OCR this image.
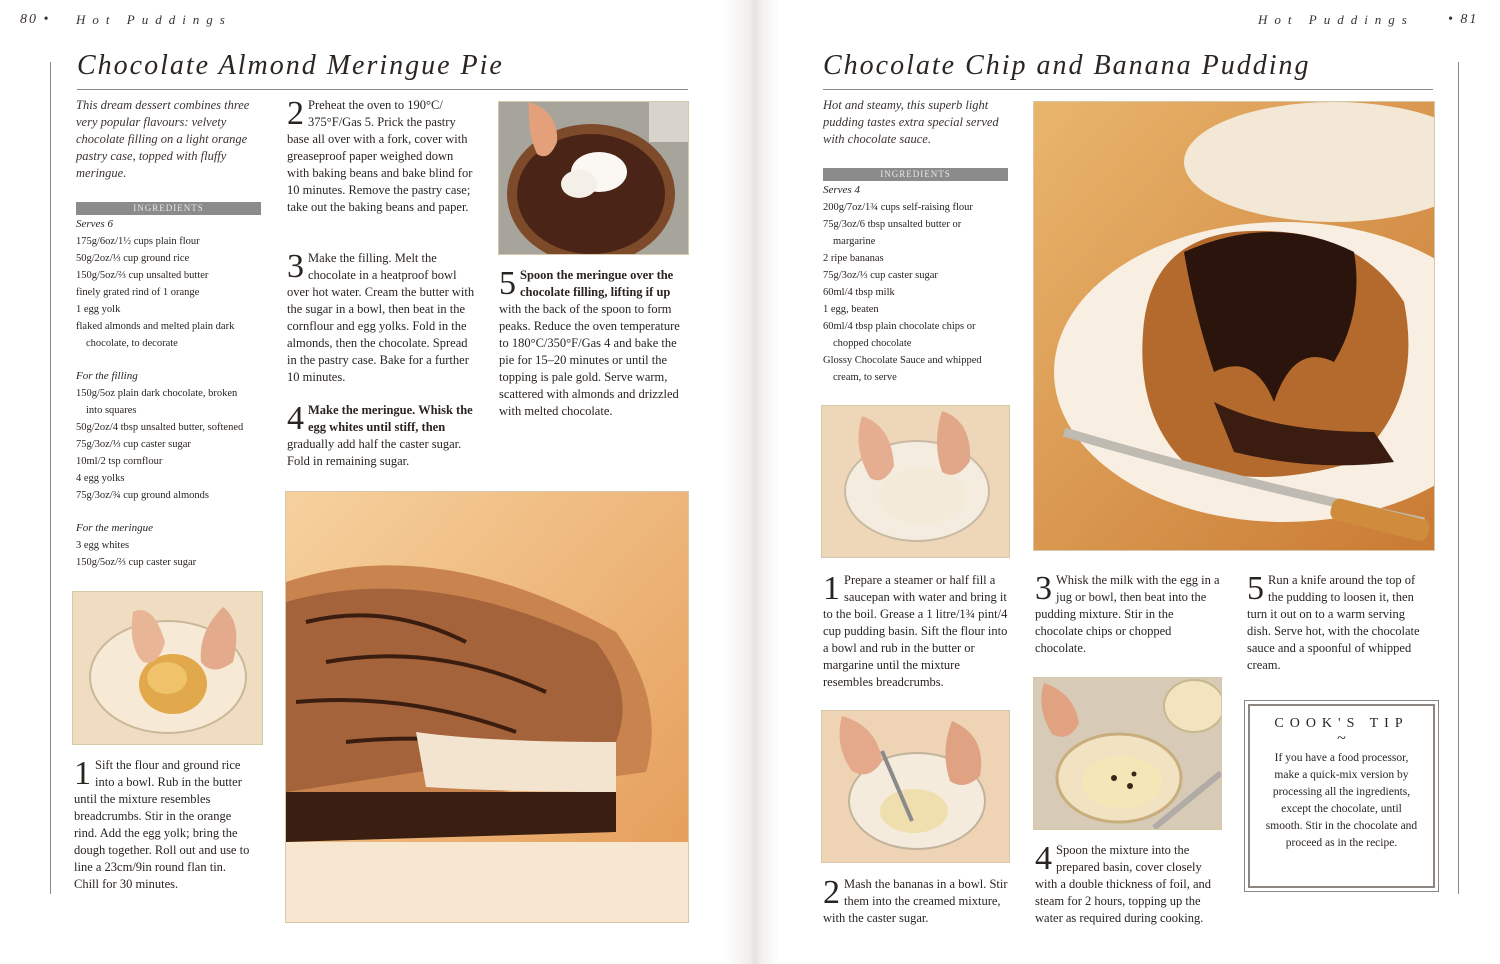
80 • Hot Puddings
Chocolate Almond Meringue Pie
This dream dessert combines three very popular flavours: velvety chocolate filling on a light orange pastry case, topped with fluffy meringue.
INGREDIENTS
Serves 6
175g/6oz/1½ cups plain flour
50g/2oz/⅓ cup ground rice
150g/5oz/⅔ cup unsalted butter
finely grated rind of 1 orange
1 egg yolk
flaked almonds and melted plain dark
chocolate, to decorate
For the filling
150g/5oz plain dark chocolate, broken
into squares
50g/2oz/4 tbsp unsalted butter, softened
75g/3oz/⅓ cup caster sugar
10ml/2 tsp cornflour
4 egg yolks
75g/3oz/¾ cup ground almonds
For the meringue
3 egg whites
150g/5oz/⅔ cup caster sugar
1 Sift the flour and ground rice into a bowl. Rub in the butter until the mixture resembles breadcrumbs. Stir in the orange rind. Add the egg yolk; bring the dough together. Roll out and use to line a 23cm/9in round flan tin. Chill for 30 minutes.
2 Preheat the oven to 190°C/ 375°F/Gas 5. Prick the pastry base all over with a fork, cover with greaseproof paper weighed down with baking beans and bake blind for 10 minutes. Remove the pastry case; take out the baking beans and paper.
3 Make the filling. Melt the chocolate in a heatproof bowl over hot water. Cream the butter with the sugar in a bowl, then beat in the cornflour and egg yolks. Fold in the almonds, then the chocolate. Spread in the pastry case. Bake for a further 10 minutes.
4 Make the meringue. Whisk the egg whites until stiff, then gradually add half the caster sugar. Fold in remaining sugar.
5 Spoon the meringue over the chocolate filling, lifting if up with the back of the spoon to form peaks. Reduce the oven temperature to 180°C/350°F/Gas 4 and bake the pie for 15–20 minutes or until the topping is pale gold. Serve warm, scattered with almonds and drizzled with melted chocolate.
Hot Puddings • 81
Chocolate Chip and Banana Pudding
Hot and steamy, this superb light pudding tastes extra special served with chocolate sauce.
INGREDIENTS
Serves 4
200g/7oz/1¾ cups self-raising flour
75g/3oz/6 tbsp unsalted butter or
margarine
2 ripe bananas
75g/3oz/⅓ cup caster sugar
60ml/4 tbsp milk
1 egg, beaten
60ml/4 tbsp plain chocolate chips or
chopped chocolate
Glossy Chocolate Sauce and whipped
cream, to serve
1 Prepare a steamer or half fill a saucepan with water and bring it to the boil. Grease a 1 litre/1¾ pint/4 cup pudding basin. Sift the flour into a bowl and rub in the butter or margarine until the mixture resembles breadcrumbs.
2 Mash the bananas in a bowl. Stir them into the creamed mixture, with the caster sugar.
3 Whisk the milk with the egg in a jug or bowl, then beat into the pudding mixture. Stir in the chocolate chips or chopped chocolate.
4 Spoon the mixture into the prepared basin, cover closely with a double thickness of foil, and steam for 2 hours, topping up the water as required during cooking.
5 Run a knife around the top of the pudding to loosen it, then turn it out on to a warm serving dish. Serve hot, with the chocolate sauce and a spoonful of whipped cream.
COOK'S TIP
~
If you have a food processor, make a quick-mix version by processing all the ingredients, except the chocolate, until smooth. Stir in the chocolate and proceed as in the recipe.
